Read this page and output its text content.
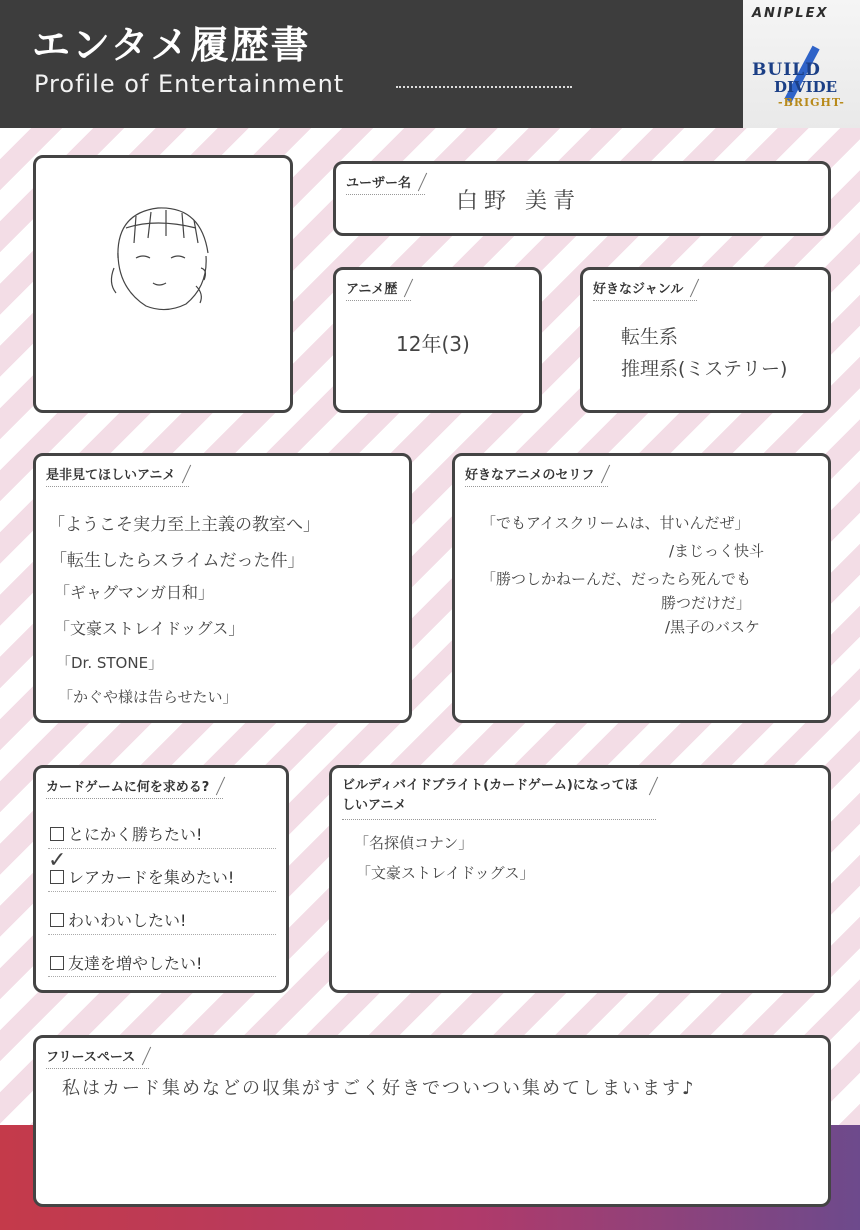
エンタメ履歴書
Profile of Entertainment
ANIPLEX
BUILD
DIVIDE
-BRIGHT-
ユーザー名
白野 美青
アニメ歴
12年(3)
好きなジャンル
転生系
推理系(ミステリー)
是非見てほしいアニメ
「ようこそ実力至上主義の教室へ」
「転生したらスライムだった件」
「ギャグマンガ日和」
「文豪ストレイドッグス」
「Dr. STONE」
「かぐや様は告らせたい」
好きなアニメのセリフ
「でもアイスクリームは、甘いんだぜ」
/まじっく快斗
「勝つしかねーんだ、だったら死んでも
勝つだけだ」
/黒子のバスケ
カードゲームに何を求める?
とにかく勝ちたい!
レアカードを集めたい!
✓
わいわいしたい!
友達を増やしたい!
ビルディバイドブライト(カードゲーム)になってほしいアニメ
「名探偵コナン」
「文豪ストレイドッグス」
フリースペース
私はカード集めなどの収集がすごく好きでついつい集めてしまいます♪
